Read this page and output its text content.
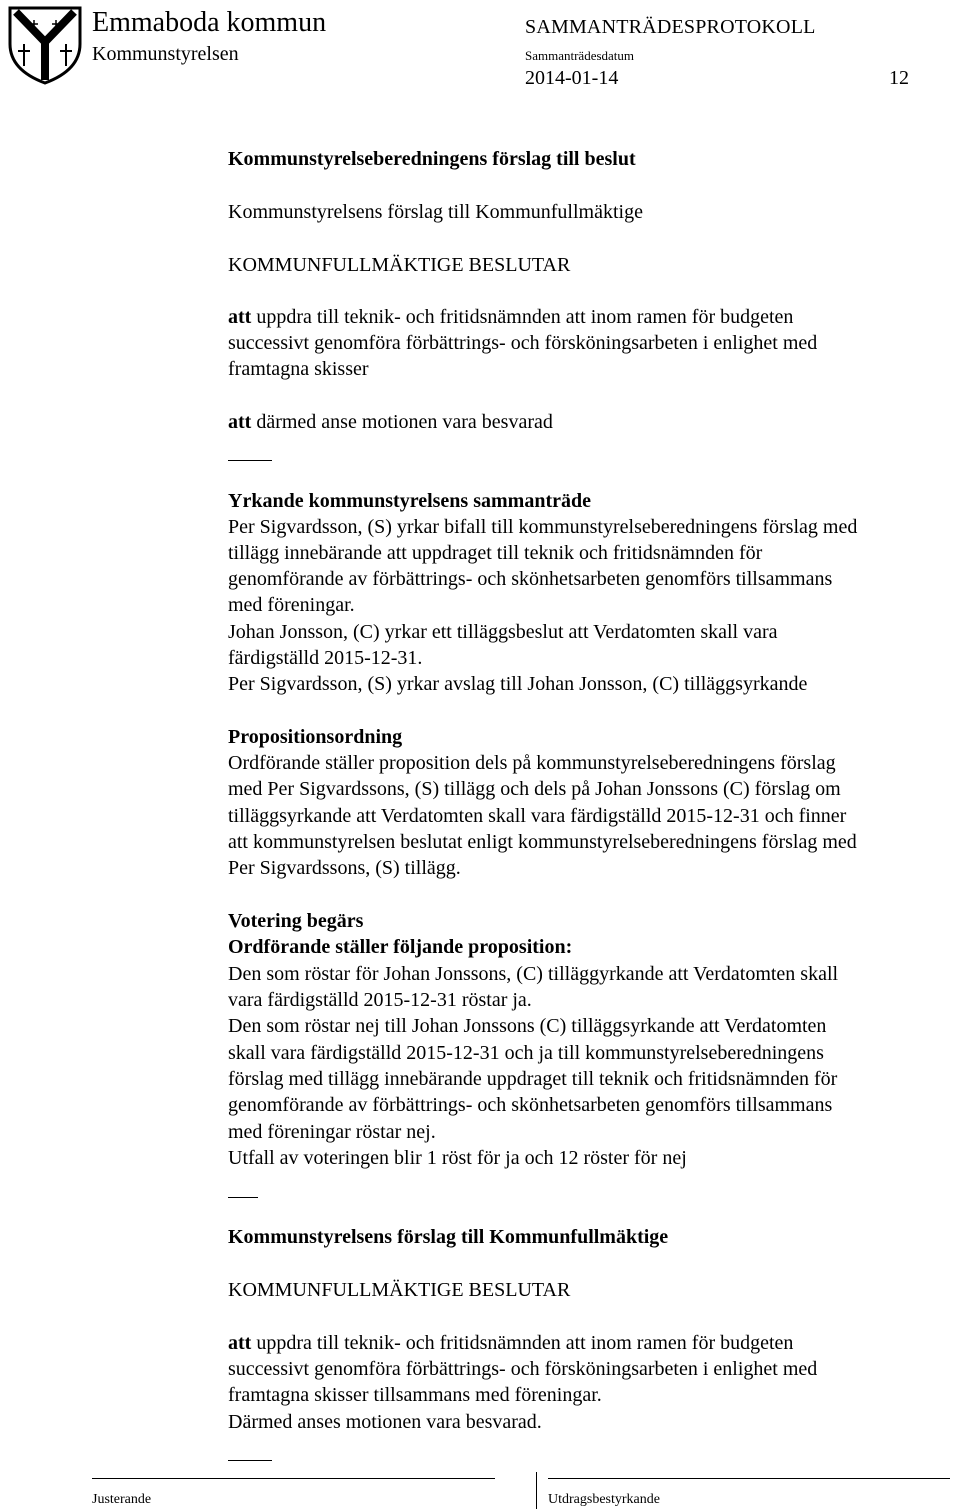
Emmaboda kommun
Kommunstyrelsen
SAMMANTRÄDESPROTOKOLL
Sammanträdesdatum
2014-01-14	12

Kommunstyrelseberedningens förslag till beslut

Kommunstyrelsens förslag till Kommunfullmäktige

KOMMUNFULLMÄKTIGE BESLUTAR

att uppdra till teknik- och fritidsnämnden att inom ramen för budgeten

successivt genomföra förbättrings- och försköningsarbeten i enlighet med

framtagna skisser

att därmed anse motionen vara besvarad

Yrkande kommunstyrelsens sammanträde

Per Sigvardsson, (S) yrkar bifall till kommunstyrelseberedningens förslag med

tillägg innebärande att uppdraget till teknik och fritidsnämnden för

genomförande av förbättrings- och skönhetsarbeten genomförs tillsammans

med föreningar.

Johan Jonsson, (C) yrkar ett tilläggsbeslut att Verdatomten skall vara

färdigställd 2015-12-31.

Per Sigvardsson, (S) yrkar avslag till Johan Jonsson, (C) tilläggsyrkande

Propositionsordning

Ordförande ställer proposition dels på kommunstyrelseberedningens förslag

med Per Sigvardssons, (S) tillägg och dels på Johan Jonssons (C) förslag om

tilläggsyrkande att Verdatomten skall vara färdigställd 2015-12-31 och finner

att kommunstyrelsen beslutat enligt kommunstyrelseberedningens förslag med

Per Sigvardssons, (S) tillägg.

Votering begärs

Ordförande ställer följande proposition:

Den som röstar för Johan Jonssons, (C) tilläggyrkande att Verdatomten skall

vara färdigställd 2015-12-31 röstar ja.

Den som röstar nej till Johan Jonssons (C) tilläggsyrkande att Verdatomten

skall vara färdigställd 2015-12-31 och ja till kommunstyrelseberedningens

förslag med tillägg innebärande uppdraget till teknik och fritidsnämnden för

genomförande av förbättrings- och skönhetsarbeten genomförs tillsammans

med föreningar röstar nej.

Utfall av voteringen blir 1 röst för ja och 12 röster för nej

Kommunstyrelsens förslag till Kommunfullmäktige

KOMMUNFULLMÄKTIGE BESLUTAR

att uppdra till teknik- och fritidsnämnden att inom ramen för budgeten

successivt genomföra förbättrings- och försköningsarbeten i enlighet med

framtagna skisser tillsammans med föreningar.

Därmed anses motionen vara besvarad.

Justerande	Utdragsbestyrkande
